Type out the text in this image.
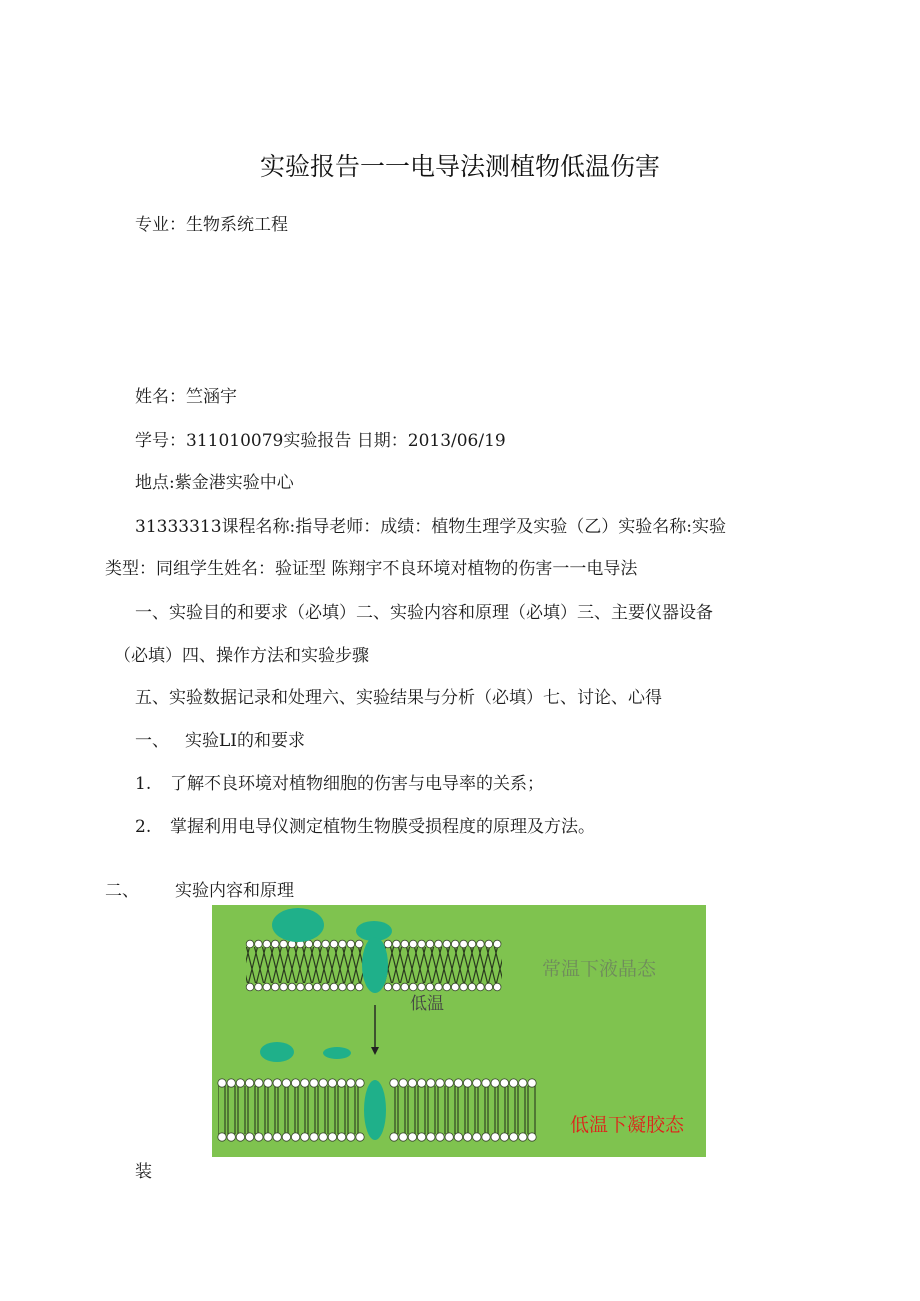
实验报告一一电导法测植物低温伤害
专业：生物系统工程
姓名：竺涵宇
学号：311010079实验报告 日期：2013/06/19
地点:紫金港实验中心
31333313课程名称:指导老师：成绩：植物生理学及实验（乙）实验名称:实验
类型：同组学生姓名：验证型 陈翔宇不良环境对植物的伤害一一电导法
一、实验目的和要求（必填）二、实验内容和原理（必填）三、主要仪器设备
（必填）四、操作方法和实验步骤
五、实验数据记录和处理六、实验结果与分析（必填）七、讨论、心得
一、 实验LI的和要求
1. 了解不良环境对植物细胞的伤害与电导率的关系；
2. 掌握利用电导仪测定植物生物膜受损程度的原理及方法。
二、 实验内容和原理
常温下液晶态
低温
低温下凝胶态
装
